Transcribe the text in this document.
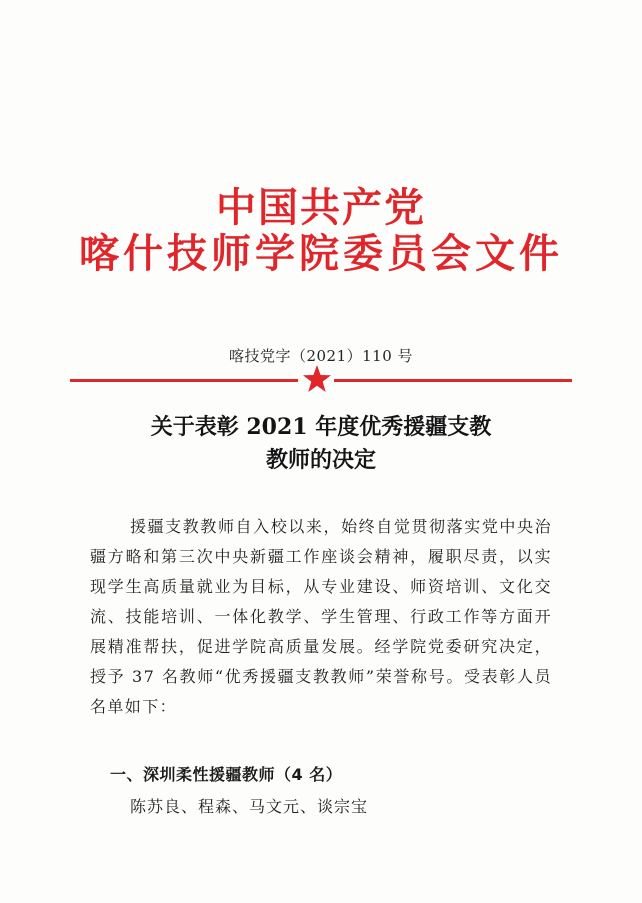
中国共产党
喀什技师学院委员会文件
喀技党字（2021）110 号
关于表彰 2021 年度优秀援疆支教
教师的决定
援疆支教教师自入校以来，始终自觉贯彻落实党中央治疆方略和第三次中央新疆工作座谈会精神，履职尽责，以实现学生高质量就业为目标，从专业建设、师资培训、文化交流、技能培训、一体化教学、学生管理、行政工作等方面开展精准帮扶，促进学院高质量发展。经学院党委研究决定，授予 37 名教师“优秀援疆支教教师”荣誉称号。受表彰人员名单如下：
一、深圳柔性援疆教师（4 名）
陈苏良、程森、马文元、谈宗宝
